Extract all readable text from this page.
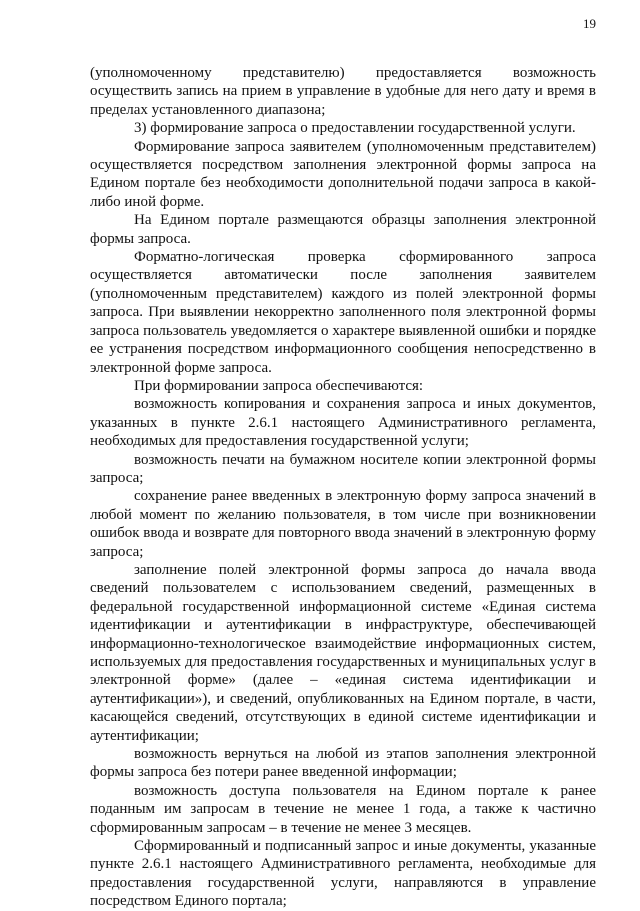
19

(уполномоченному представителю) предоставляется возможность осуществить запись на прием в управление в удобные для него дату и время в пределах установленного диапазона;

3) формирование запроса о предоставлении государственной услуги.

Формирование запроса заявителем (уполномоченным представителем) осуществляется посредством заполнения электронной формы запроса на Едином портале без необходимости дополнительной подачи запроса в какой-либо иной форме.

На Едином портале размещаются образцы заполнения электронной формы запроса.

Форматно-логическая проверка сформированного запроса осуществляется автоматически после заполнения заявителем (уполномоченным представителем) каждого из полей электронной формы запроса. При выявлении некорректно заполненного поля электронной формы запроса пользователь уведомляется о характере выявленной ошибки и порядке ее устранения посредством информационного сообщения непосредственно в электронной форме запроса.

При формировании запроса обеспечиваются:

возможность копирования и сохранения запроса и иных документов, указанных в пункте 2.6.1 настоящего Административного регламента, необходимых для предоставления государственной услуги;

возможность печати на бумажном носителе копии электронной формы запроса;

сохранение ранее введенных в электронную форму запроса значений в любой момент по желанию пользователя, в том числе при возникновении ошибок ввода и возврате для повторного ввода значений в электронную форму запроса;

заполнение полей электронной формы запроса до начала ввода сведений пользователем с использованием сведений, размещенных в федеральной государственной информационной системе «Единая система идентификации и аутентификации в инфраструктуре, обеспечивающей информационно-технологическое взаимодействие информационных систем, используемых для предоставления государственных и муниципальных услуг в электронной форме» (далее – «единая система идентификации и аутентификации»), и сведений, опубликованных на Едином портале, в части, касающейся сведений, отсутствующих в единой системе идентификации и аутентификации;

возможность вернуться на любой из этапов заполнения электронной формы запроса без потери ранее введенной информации;

возможность доступа пользователя на Едином портале к ранее поданным им запросам в течение не менее 1 года, а также к частично сформированным запросам – в течение не менее 3 месяцев.

Сформированный и подписанный запрос и иные документы, указанные пункте 2.6.1 настоящего Административного регламента, необходимые для предоставления государственной услуги, направляются в управление посредством Единого портала;
